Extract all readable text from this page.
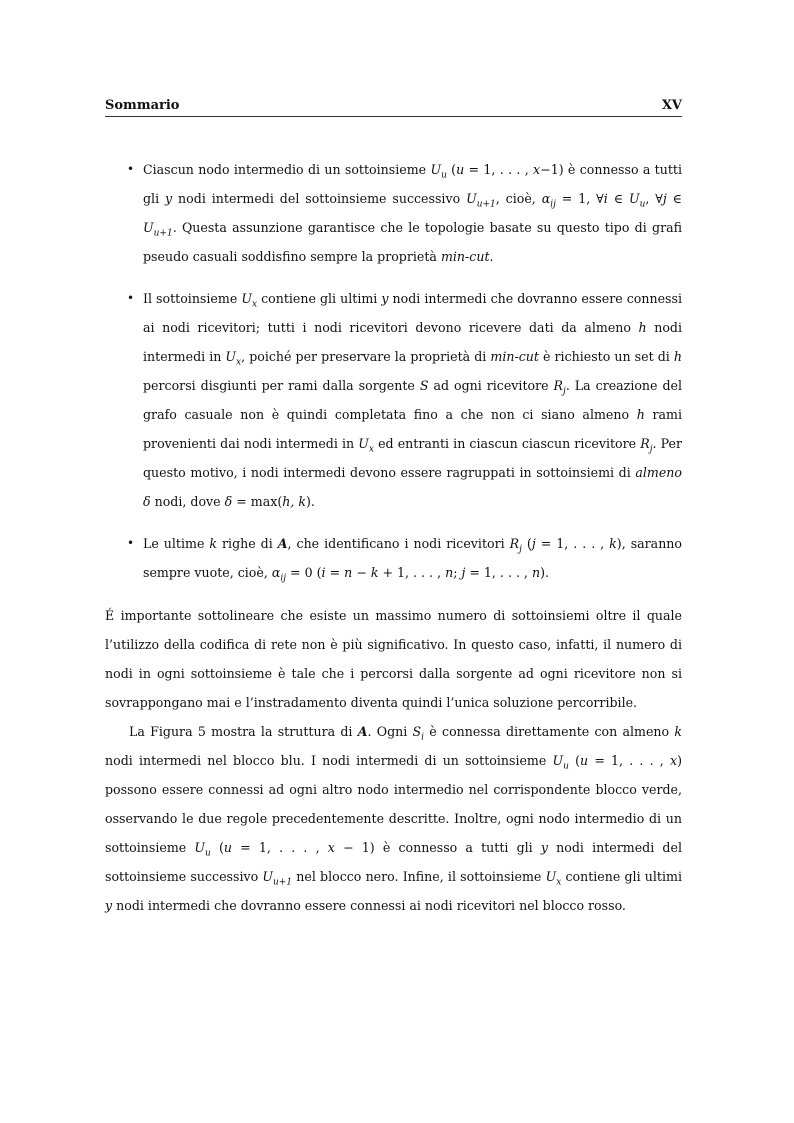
Sommario	XV
• Ciascun nodo intermedio di un sottoinsieme $U_u$ (u = 1, . . . , x−1) è connesso a tutti gli y nodi intermedi del sottoinsieme successivo $U_{u+1}$, cioè, $\alpha_{ij} = 1$, ∀i ∈ $U_u$, ∀j ∈ $U_{u+1}$. Questa assunzione garantisce che le topologie basate su questo tipo di grafi pseudo casuali soddisfino sempre la proprietà min-cut.
• Il sottoinsieme $U_x$ contiene gli ultimi y nodi intermedi che dovranno essere connessi ai nodi ricevitori; tutti i nodi ricevitori devono ricevere dati da almeno h nodi intermedi in $U_x$, poiché per preservare la proprietà di min-cut è richiesto un set di h percorsi disgiunti per rami dalla sorgente S ad ogni ricevitore $R_j$. La creazione del grafo casuale non è quindi completata fino a che non ci siano almeno h rami provenienti dai nodi intermedi in $U_x$ ed entranti in ciascun ciascun ricevitore $R_j$. Per questo motivo, i nodi intermedi devono essere ragruppati in sottoinsiemi di almeno δ nodi, dove δ = max(h, k).
• Le ultime k righe di A, che identificano i nodi ricevitori $R_j$ (j = 1, . . . , k), saranno sempre vuote, cioè, $\alpha_{ij} = 0$ (i = n − k + 1, . . . , n; j = 1, . . . , n).

É importante sottolineare che esiste un massimo numero di sottoinsiemi oltre il quale l’utilizzo della codifica di rete non è più significativo. In questo caso, infatti, il numero di nodi in ogni sottoinsieme è tale che i percorsi dalla sorgente ad ogni ricevitore non si sovrappongano mai e l’instradamento diventa quindi l’unica soluzione percorribile.

La Figura 5 mostra la struttura di A. Ogni $S_i$ è connessa direttamente con almeno k nodi intermedi nel blocco blu. I nodi intermedi di un sottoinsieme $U_u$ (u = 1, . . . , x) possono essere connessi ad ogni altro nodo intermedio nel corrispondente blocco verde, osservando le due regole precedentemente descritte. Inoltre, ogni nodo intermedio di un sottoinsieme $U_u$ (u = 1, . . . , x − 1) è connesso a tutti gli y nodi intermedi del sottoinsieme successivo $U_{u+1}$ nel blocco nero. Infine, il sottoinsieme $U_x$ contiene gli ultimi y nodi intermedi che dovranno essere connessi ai nodi ricevitori nel blocco rosso.
